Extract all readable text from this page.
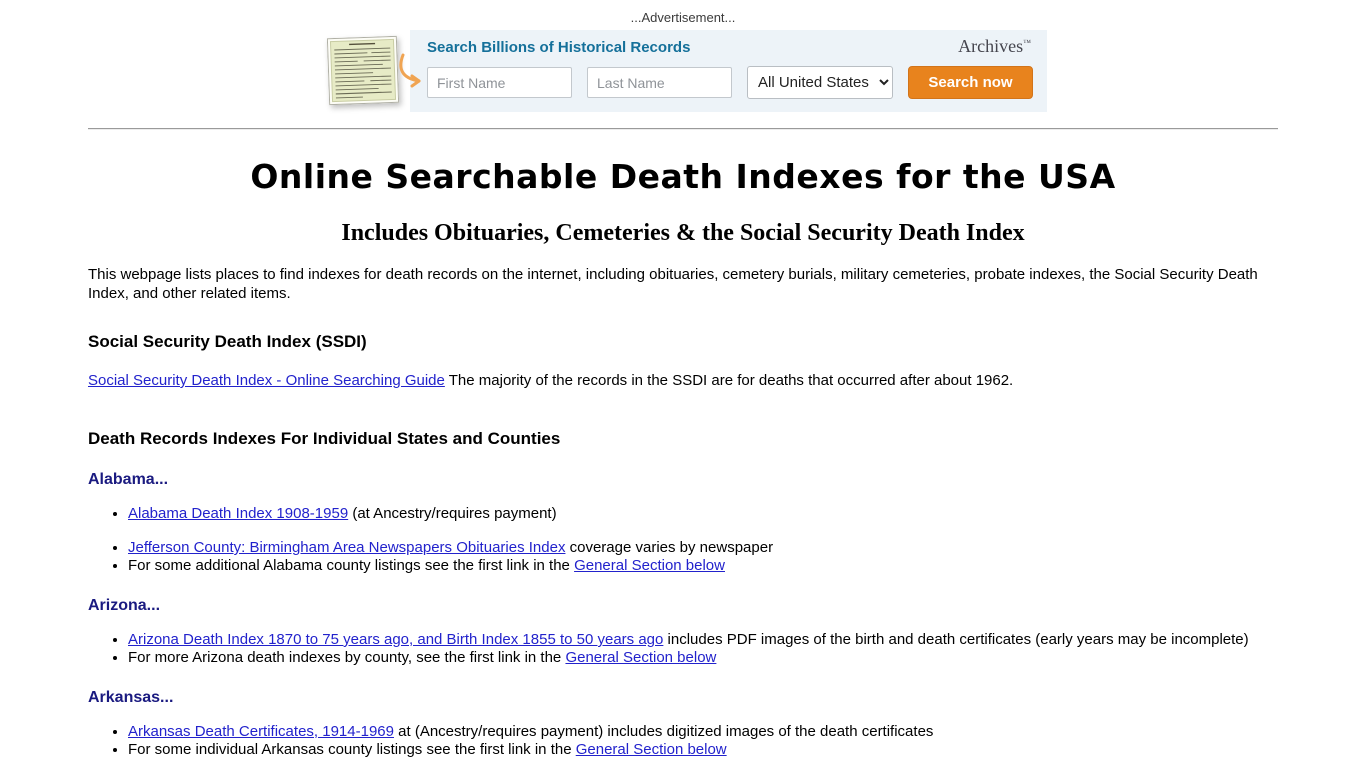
...Advertisement...
Search Billions of Historical Records	Archives™
First Name
Last Name
All United States
Search now
Online Searchable Death Indexes for the USA
Includes Obituaries, Cemeteries & the Social Security Death Index

This webpage lists places to find indexes for death records on the internet, including obituaries, cemetery burials, military cemeteries, probate indexes, the Social Security Death Index, and other related items.

Social Security Death Index (SSDI)

Social Security Death Index - Online Searching Guide The majority of the records in the SSDI are for deaths that occurred after about 1962.

Death Records Indexes For Individual States and Counties
Alabama...
• Alabama Death Index 1908-1959 (at Ancestry/requires payment)
• Jefferson County: Birmingham Area Newspapers Obituaries Index coverage varies by newspaper
• For some additional Alabama county listings see the first link in the General Section below
Arizona...
• Arizona Death Index 1870 to 75 years ago, and Birth Index 1855 to 50 years ago includes PDF images of the birth and death certificates (early years may be incomplete)
• For more Arizona death indexes by county, see the first link in the General Section below
Arkansas...
• Arkansas Death Certificates, 1914-1969 at (Ancestry/requires payment) includes digitized images of the death certificates
• For some individual Arkansas county listings see the first link in the General Section below
